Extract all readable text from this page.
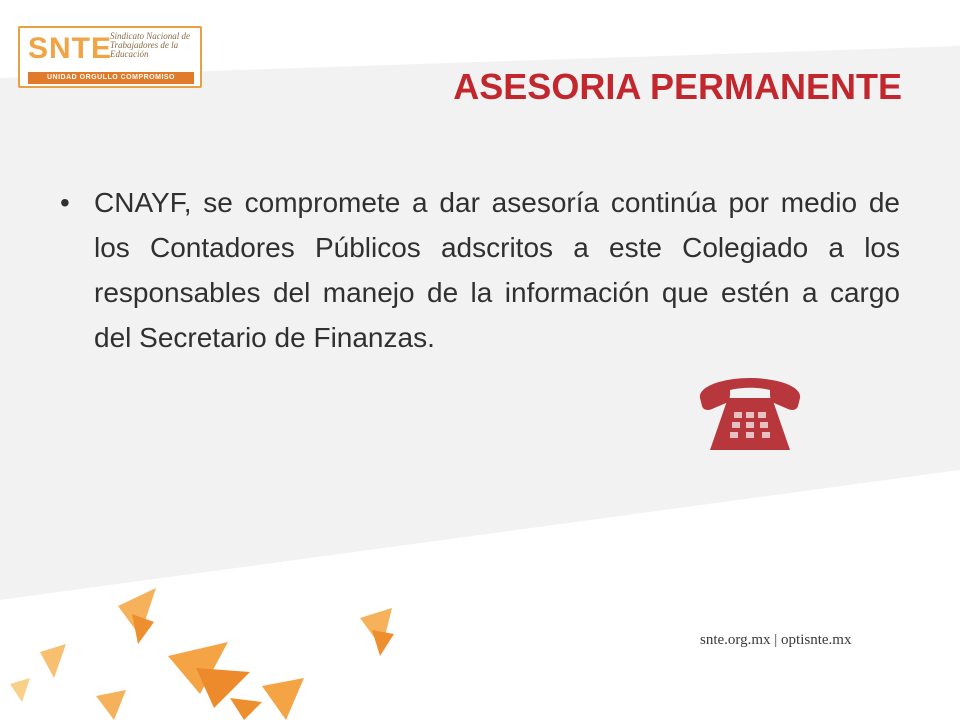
SNTE
Sindicato Nacional de Trabajadores de la Educación
UNIDAD ORGULLO COMPROMISO	ASESORIA PERMANENTE
• CNAYF, se compromete a dar asesoría continúa por medio de los Contadores Públicos adscritos a este Colegiado a los responsables del manejo de la información que estén a cargo del Secretario de Finanzas.
snte.org.mx | optisnte.mx
